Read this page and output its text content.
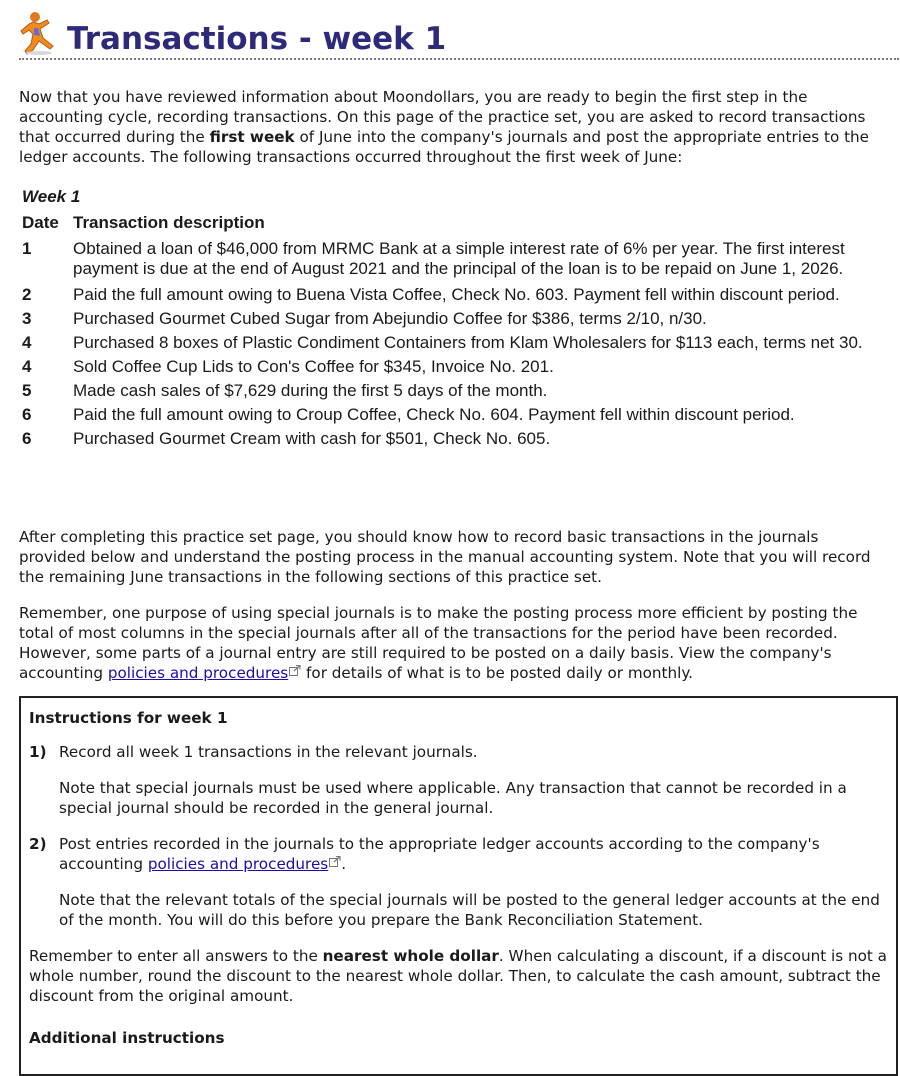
Transactions - week 1

Now that you have reviewed information about Moondollars, you are ready to begin the first step in the accounting cycle, recording transactions. On this page of the practice set, you are asked to record transactions that occurred during the first week of June into the company's journals and post the appropriate entries to the ledger accounts. The following transactions occurred throughout the first week of June:

Week 1
Date Transaction description
1	Obtained a loan of $46,000 from MRMC Bank at a simple interest rate of 6% per year. The first interest payment is due at the end of August 2021 and the principal of the loan is to be repaid on June 1, 2026.
2	Paid the full amount owing to Buena Vista Coffee, Check No. 603. Payment fell within discount period.
3	Purchased Gourmet Cubed Sugar from Abejundio Coffee for $386, terms 2/10, n/30.
4	Purchased 8 boxes of Plastic Condiment Containers from Klam Wholesalers for $113 each, terms net 30.
4	Sold Coffee Cup Lids to Con's Coffee for $345, Invoice No. 201.
5	Made cash sales of $7,629 during the first 5 days of the month.
6	Paid the full amount owing to Croup Coffee, Check No. 604. Payment fell within discount period.
6	Purchased Gourmet Cream with cash for $501, Check No. 605.

After completing this practice set page, you should know how to record basic transactions in the journals provided below and understand the posting process in the manual accounting system. Note that you will record the remaining June transactions in the following sections of this practice set.

Remember, one purpose of using special journals is to make the posting process more efficient by posting the total of most columns in the special journals after all of the transactions for the period have been recorded. However, some parts of a journal entry are still required to be posted on a daily basis. View the company's accounting policies and procedures for details of what is to be posted daily or monthly.

Instructions for week 1
1) Record all week 1 transactions in the relevant journals.

Note that special journals must be used where applicable. Any transaction that cannot be recorded in a special journal should be recorded in the general journal.

2) Post entries recorded in the journals to the appropriate ledger accounts according to the company's accounting policies and procedures .

Note that the relevant totals of the special journals will be posted to the general ledger accounts at the end of the month. You will do this before you prepare the Bank Reconciliation Statement.

Remember to enter all answers to the nearest whole dollar. When calculating a discount, if a discount is not a whole number, round the discount to the nearest whole dollar. Then, to calculate the cash amount, subtract the discount from the original amount.

Additional instructions
